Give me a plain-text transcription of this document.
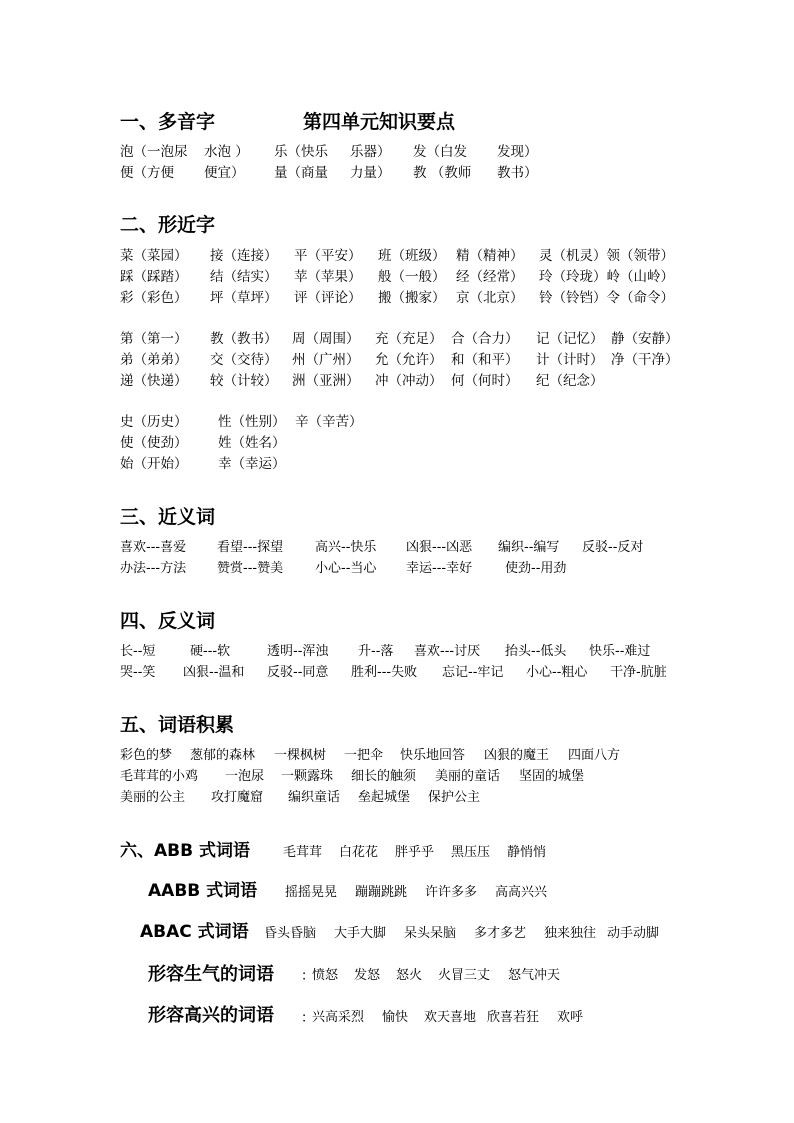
一、多音字	第四单元知识要点
泡（一泡尿 水泡 ） 乐（快乐 乐器） 发（白发 发现）
便（方便 便宜） 量（商量 力量） 教 （教师 教书）
二、形近字
菜（菜园） 接（连接） 平（平安） 班（班级） 精（精神） 灵（机灵）领（领带）
踩（踩踏） 结（结实） 苹（苹果） 般（一般） 经（经常） 玲（玲珑）岭（山岭）
彩（彩色） 坪（草坪） 评（评论） 搬（搬家） 京（北京） 铃（铃铛）令（命令）
第（第一） 教（教书） 周（周围） 充（充足） 合（合力） 记（记忆） 静（安静）
弟（弟弟） 交（交待） 州（广州） 允（允许） 和（和平） 计（计时） 净（干净）
递（快递） 较（计较） 洲（亚洲） 冲（冲动） 何（何时） 纪（纪念）
史（历史） 性（性别） 辛（辛苦）
使（使劲） 姓（姓名）
始（开始） 幸（幸运）
三、近义词
喜欢---喜爱 看望---探望 高兴--快乐 凶狠---凶恶 编织--编写 反驳--反对
办法---方法 赞赏---赞美 小心--当心 幸运---幸好	使劲--用劲
四、反义词
长--短	硬---软	透明--浑浊 升--落 喜欢---讨厌 抬头--低头 快乐--难过
哭--笑 凶狠--温和 反驳--同意 胜利---失败 忘记--牢记 小心--粗心 干净-肮脏
五、词语积累
彩色的梦 葱郁的森林 一棵枫树 一把伞 快乐地回答 凶狠的魔王 四面八方
毛茸茸的小鸡 一泡尿 一颗露珠 细长的触须 美丽的童话 坚固的城堡
美丽的公主 攻打魔窟 编织童话 垒起城堡 保护公主
六、ABB 式词语	毛茸茸 白花花 胖乎乎 黑压压 静悄悄
AABB 式词语 摇摇晃晃 蹦蹦跳跳 许许多多 高高兴兴
ABAC 式词语 昏头昏脑 大手大脚 呆头呆脑 多才多艺 独来独往 动手动脚
形容生气的词语 ：
愤怒 发怒 怒火 火冒三丈 怒气冲天
形容高兴的词语 ：
兴高采烈 愉快 欢天喜地 欣喜若狂 欢呼
